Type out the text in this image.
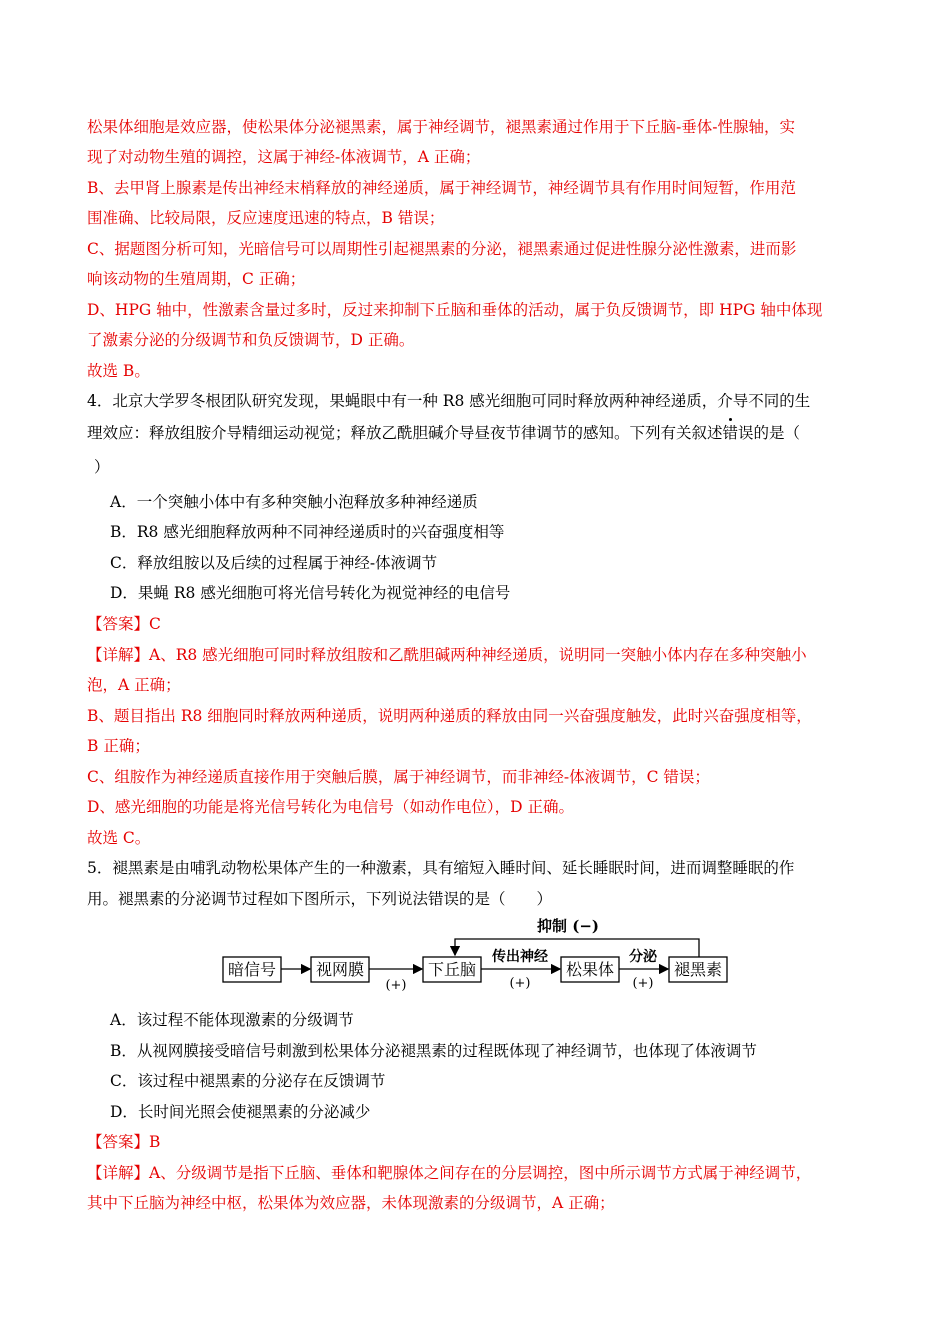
松果体细胞是效应器，使松果体分泌褪黑素，属于神经调节，褪黑素通过作用于下丘脑-垂体-性腺轴，实
现了对动物生殖的调控，这属于神经-体液调节，A 正确；
B、去甲肾上腺素是传出神经末梢释放的神经递质，属于神经调节，神经调节具有作用时间短暂，作用范
围准确、比较局限，反应速度迅速的特点，B 错误；
C、据题图分析可知，光暗信号可以周期性引起褪黑素的分泌，褪黑素通过促进性腺分泌性激素，进而影
响该动物的生殖周期，C 正确；
D、HPG 轴中，性激素含量过多时，反过来抑制下丘脑和垂体的活动，属于负反馈调节，即 HPG 轴中体现
了激素分泌的分级调节和负反馈调节，D 正确。
故选 B。
4．北京大学罗冬根团队研究发现，果蝇眼中有一种 R8 感光细胞可同时释放两种神经递质，介导不同的生
理效应：释放组胺介导精细运动视觉；释放乙酰胆碱介导昼夜节律调节的感知。下列有关叙述错误的是（
）
A．一个突触小体中有多种突触小泡释放多种神经递质
B．R8 感光细胞释放两种不同神经递质时的兴奋强度相等
C．释放组胺以及后续的过程属于神经-体液调节
D．果蝇 R8 感光细胞可将光信号转化为视觉神经的电信号
【答案】C
【详解】A、R8 感光细胞可同时释放组胺和乙酰胆碱两种神经递质，说明同一突触小体内存在多种突触小
泡，A 正确；
B、题目指出 R8 细胞同时释放两种递质，说明两种递质的释放由同一兴奋强度触发，此时兴奋强度相等，
B 正确；
C、组胺作为神经递质直接作用于突触后膜，属于神经调节，而非神经-体液调节，C 错误；
D、感光细胞的功能是将光信号转化为电信号（如动作电位），D 正确。
故选 C。
5．褪黑素是由哺乳动物松果体产生的一种激素，具有缩短入睡时间、延长睡眠时间，进而调整睡眠的作
用。褪黑素的分泌调节过程如下图所示，下列说法错误的是（　　）
抑制 (−)
暗信号 视网膜	下丘脑	松果体	褪黑素
传出神经	分泌
(+)	(+)	(+)
A．该过程不能体现激素的分级调节
B．从视网膜接受暗信号刺激到松果体分泌褪黑素的过程既体现了神经调节，也体现了体液调节
C．该过程中褪黑素的分泌存在反馈调节
D．长时间光照会使褪黑素的分泌减少
【答案】B
【详解】A、分级调节是指下丘脑、垂体和靶腺体之间存在的分层调控，图中所示调节方式属于神经调节，
其中下丘脑为神经中枢，松果体为效应器，未体现激素的分级调节，A 正确；
